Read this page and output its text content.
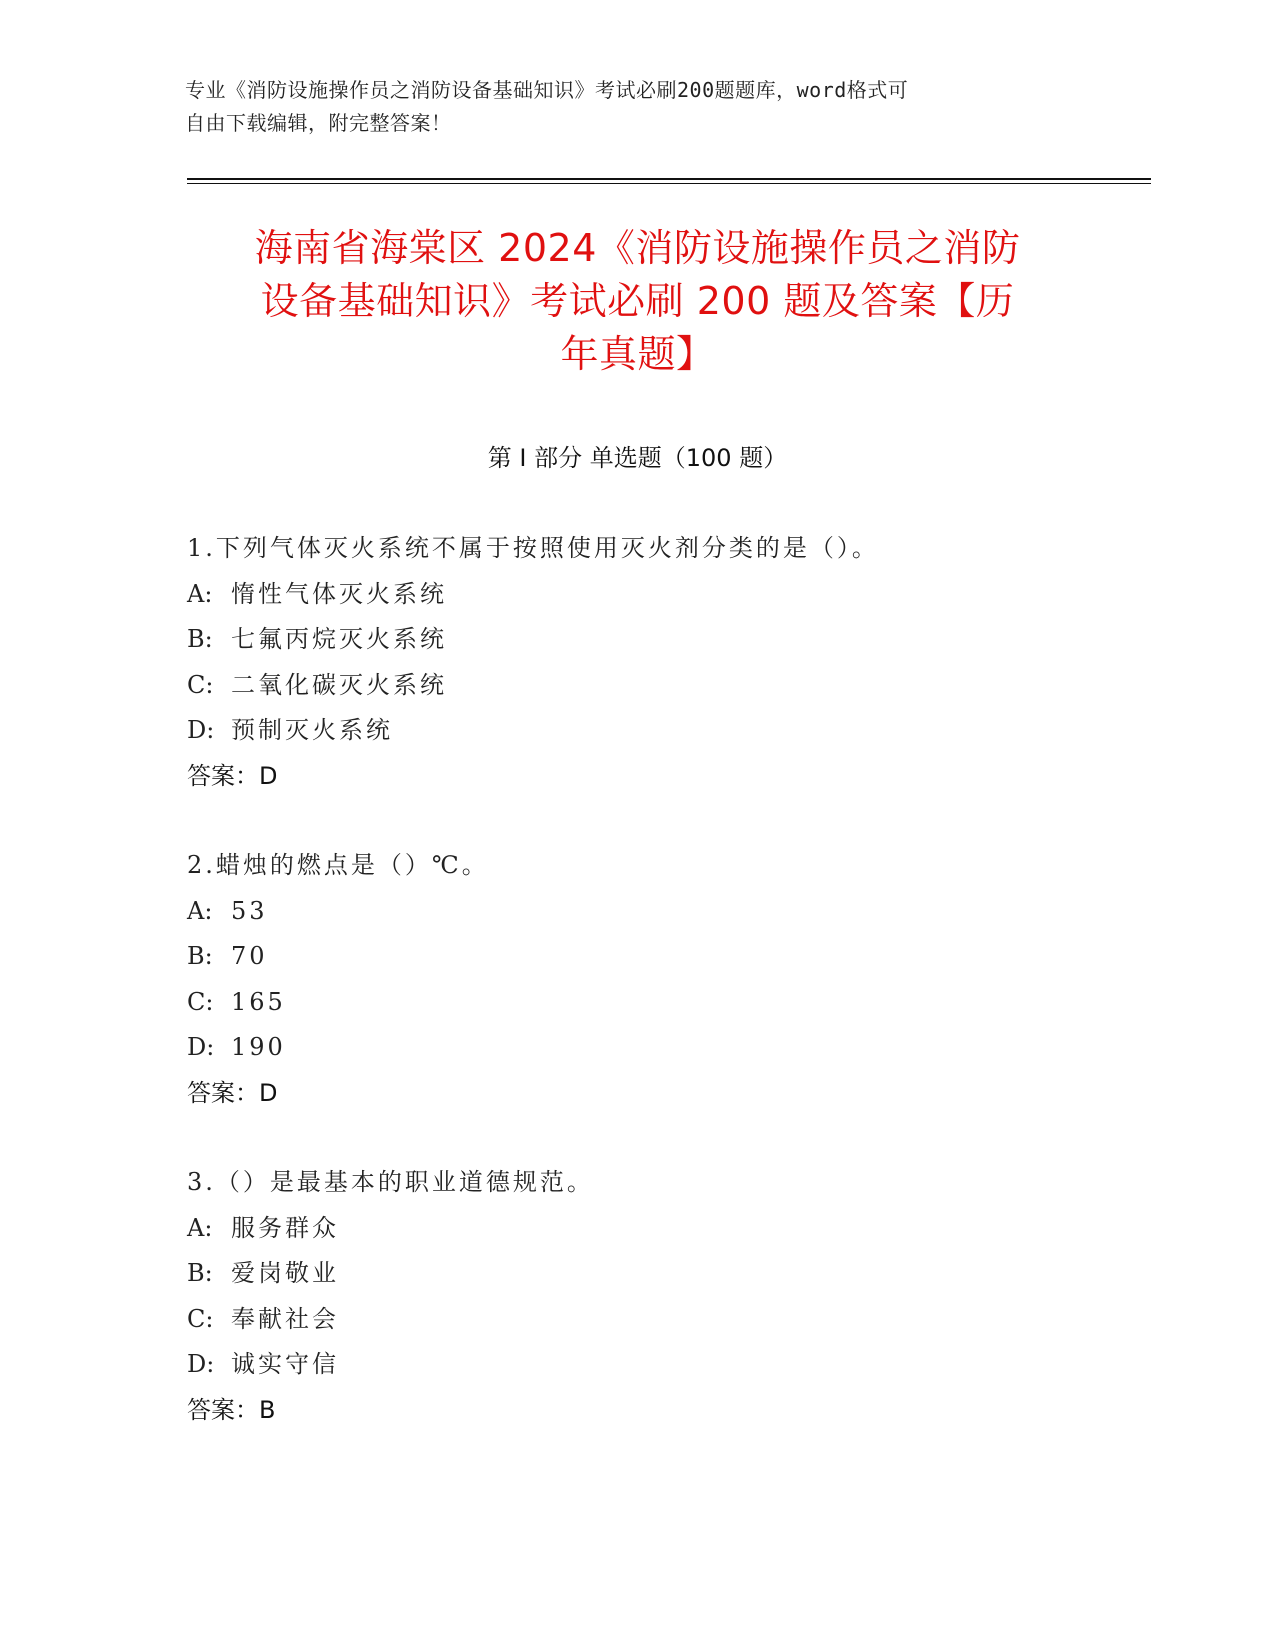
专业《消防设施操作员之消防设备基础知识》考试必刷200题题库，word格式可
自由下载编辑，附完整答案！
海南省海棠区 2024《消防设施操作员之消防
设备基础知识》考试必刷 200 题及答案【历
年真题】
第 I 部分 单选题（100 题）
1.下列气体灭火系统不属于按照使用灭火剂分类的是（）。
A: 惰性气体灭火系统
B: 七氟丙烷灭火系统
C: 二氧化碳灭火系统
D: 预制灭火系统
答案：D
2.蜡烛的燃点是（）℃。
A: 53
B: 70
C: 165
D: 190
答案：D
3.（）是最基本的职业道德规范。
A: 服务群众
B: 爱岗敬业
C: 奉献社会
D: 诚实守信
答案：B
